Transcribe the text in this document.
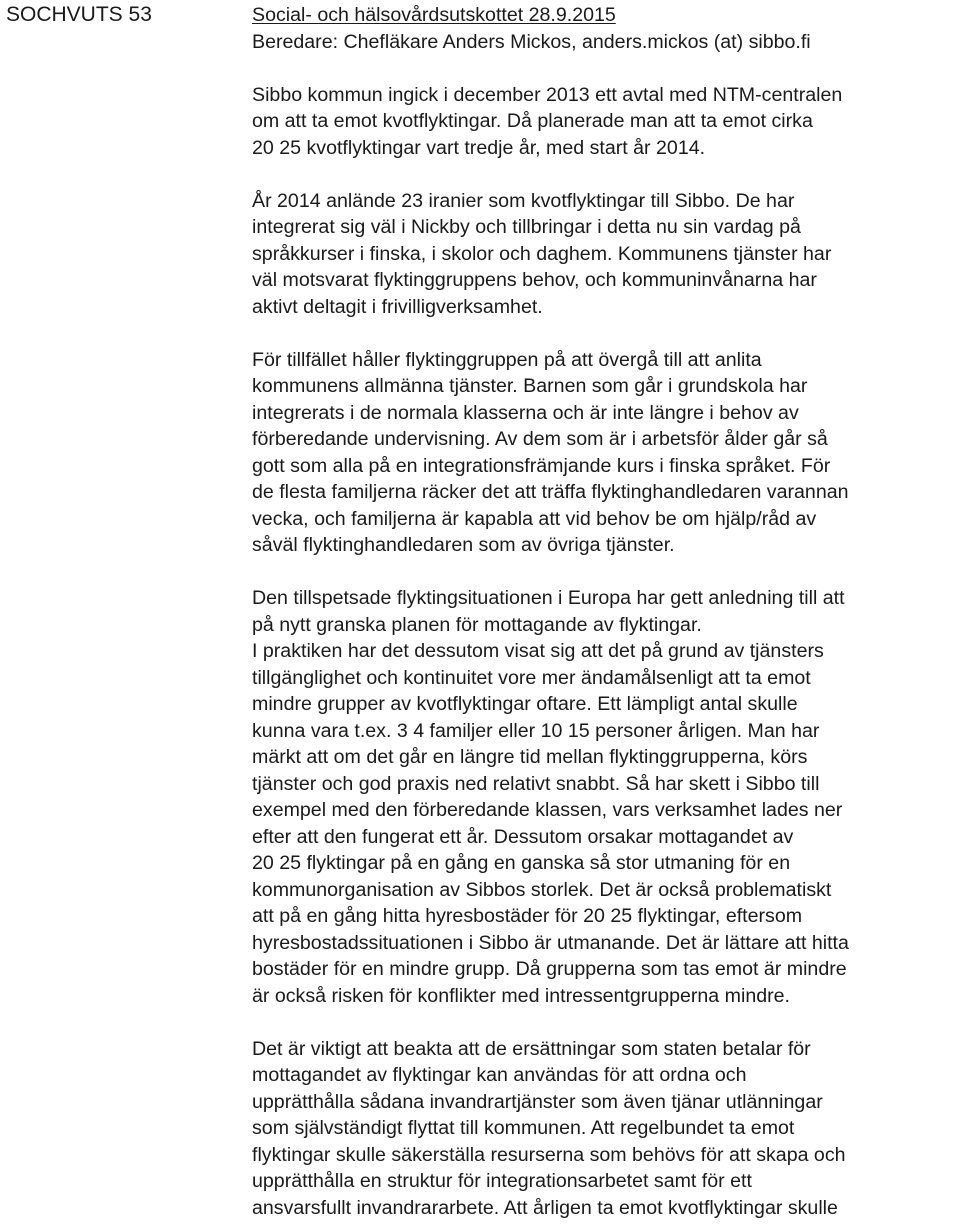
SOCHVUTS 53	Social- och hälsovårdsutskottet 28.9.2015
Beredare: Chefläkare Anders Mickos, anders.mickos (at) sibbo.fi
Sibbo kommun ingick i december 2013 ett avtal med NTM-centralen
om att ta emot kvotflyktingar. Då planerade man att ta emot cirka
20 25 kvotflyktingar vart tredje år, med start år 2014.
År 2014 anlände 23 iranier som kvotflyktingar till Sibbo. De har
integrerat sig väl i Nickby och tillbringar i detta nu sin vardag på
språkkurser i finska, i skolor och daghem. Kommunens tjänster har
väl motsvarat flyktinggruppens behov, och kommuninvånarna har
aktivt deltagit i frivilligverksamhet.
För tillfället håller flyktinggruppen på att övergå till att anlita
kommunens allmänna tjänster. Barnen som går i grundskola har
integrerats i de normala klasserna och är inte längre i behov av
förberedande undervisning. Av dem som är i arbetsför ålder går så
gott som alla på en integrationsfrämjande kurs i finska språket. För
de flesta familjerna räcker det att träffa flyktinghandledaren varannan
vecka, och familjerna är kapabla att vid behov be om hjälp/råd av
såväl flyktinghandledaren som av övriga tjänster.
Den tillspetsade flyktingsituationen i Europa har gett anledning till att
på nytt granska planen för mottagande av flyktingar.
I praktiken har det dessutom visat sig att det på grund av tjänsters
tillgänglighet och kontinuitet vore mer ändamålsenligt att ta emot
mindre grupper av kvotflyktingar oftare. Ett lämpligt antal skulle
kunna vara t.ex. 3 4 familjer eller 10 15 personer årligen. Man har
märkt att om det går en längre tid mellan flyktinggrupperna, körs
tjänster och god praxis ned relativt snabbt. Så har skett i Sibbo till
exempel med den förberedande klassen, vars verksamhet lades ner
efter att den fungerat ett år. Dessutom orsakar mottagandet av
20 25 flyktingar på en gång en ganska så stor utmaning för en
kommunorganisation av Sibbos storlek. Det är också problematiskt
att på en gång hitta hyresbostäder för 20 25 flyktingar, eftersom
hyresbostadssituationen i Sibbo är utmanande. Det är lättare att hitta
bostäder för en mindre grupp. Då grupperna som tas emot är mindre
är också risken för konflikter med intressentgrupperna mindre.
Det är viktigt att beakta att de ersättningar som staten betalar för
mottagandet av flyktingar kan användas för att ordna och
upprätthålla sådana invandrartjänster som även tjänar utlänningar
som självständigt flyttat till kommunen. Att regelbundet ta emot
flyktingar skulle säkerställa resurserna som behövs för att skapa och
upprätthålla en struktur för integrationsarbetet samt för ett
ansvarsfullt invandrararbete. Att årligen ta emot kvotflyktingar skulle
